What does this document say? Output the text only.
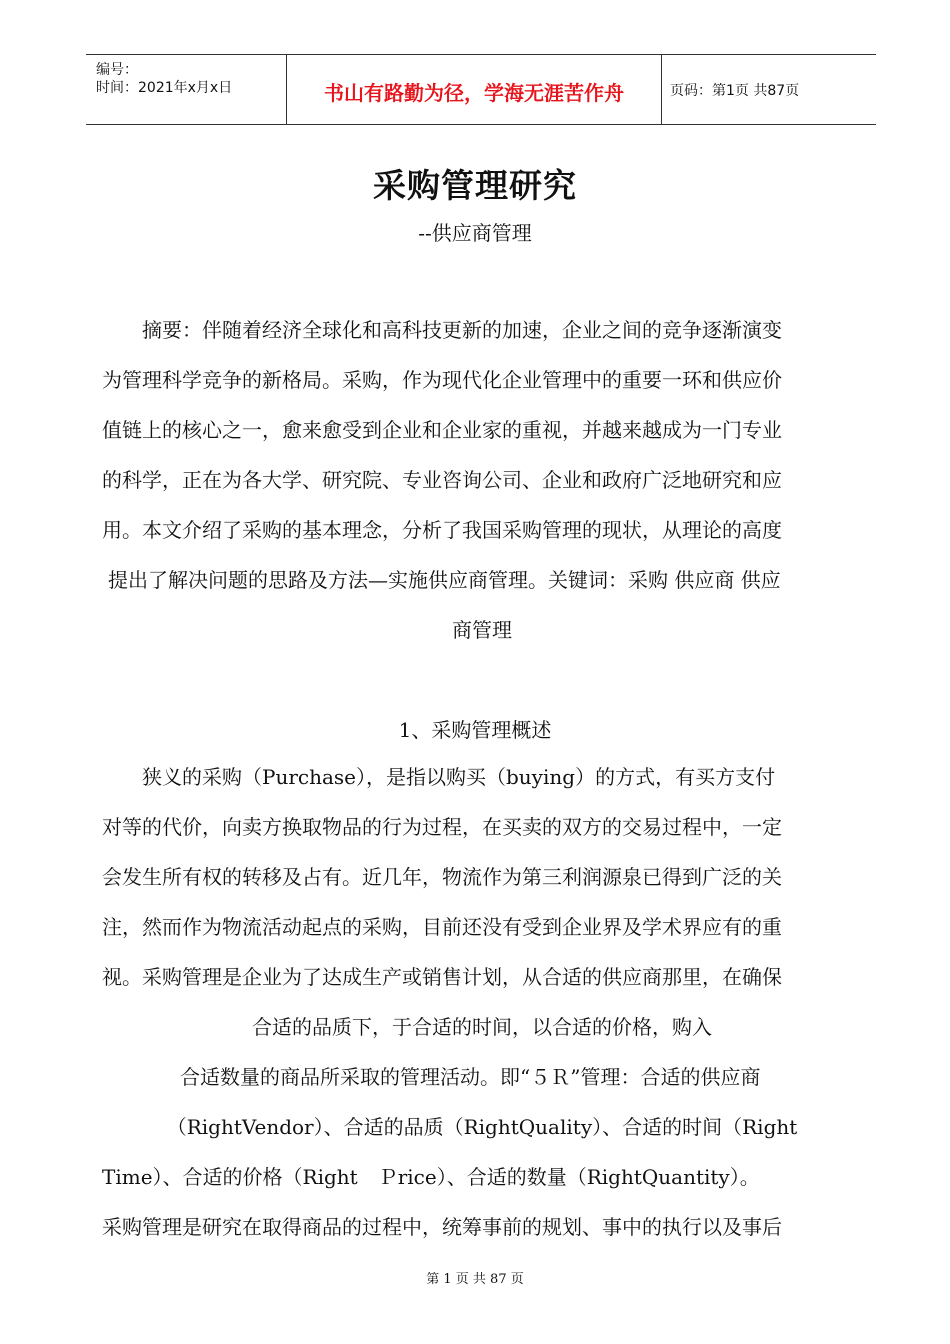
编号：
时间：2021年x月x日	书山有路勤为径，学海无涯苦作舟	页码：第1页 共87页
采购管理研究
--供应商管理
摘要：伴随着经济全球化和高科技更新的加速，企业之间的竞争逐渐演变
为管理科学竞争的新格局。采购，作为现代化企业管理中的重要一环和供应价
值链上的核心之一，愈来愈受到企业和企业家的重视，并越来越成为一门专业
的科学，正在为各大学、研究院、专业咨询公司、企业和政府广泛地研究和应
用。本文介绍了采购的基本理念，分析了我国采购管理的现状，从理论的高度
提出了解决问题的思路及方法—实施供应商管理。关键词：采购 供应商 供应
商管理
1、采购管理概述
狭义的采购（Purchase），是指以购买（buying）的方式，有买方支付
对等的代价，向卖方换取物品的行为过程，在买卖的双方的交易过程中，一定
会发生所有权的转移及占有。近几年，物流作为第三利润源泉已得到广泛的关
注，然而作为物流活动起点的采购，目前还没有受到企业界及学术界应有的重
视。采购管理是企业为了达成生产或销售计划，从合适的供应商那里，在确保
合适的品质下，于合适的时间，以合适的价格，购入
合适数量的商品所采取的管理活动。即“５Ｒ”管理：合适的供应商
（RightVendor）、合适的品质（RightQuality）、合适的时间（Right
Time）、合适的价格（Right　Ｐrice）、合适的数量（RightQuantity）。
采购管理是研究在取得商品的过程中，统筹事前的规划、事中的执行以及事后
第 1 页 共 87 页
